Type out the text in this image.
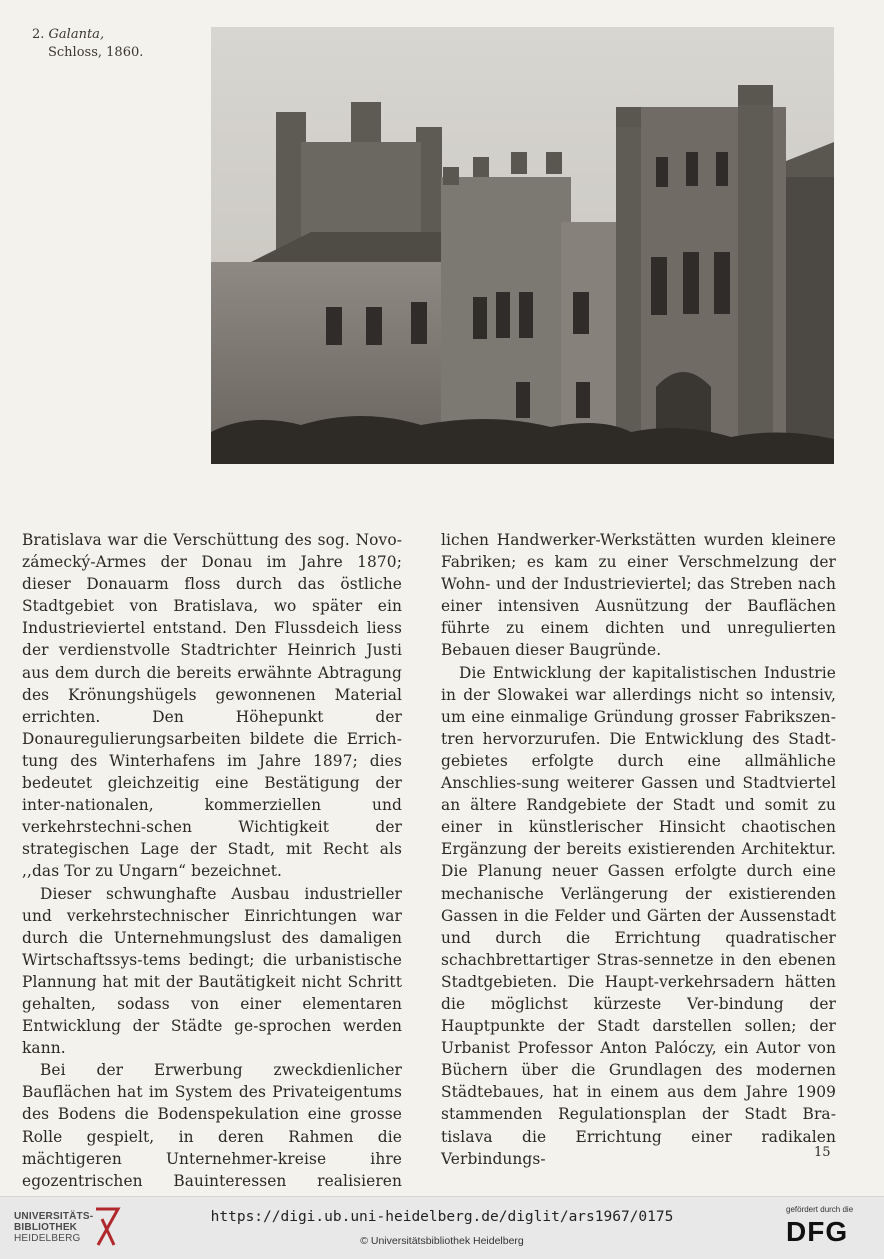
2. Galanta,
Schloss, 1860.

Bratislava war die Verschüttung des sog. Novo-zámecký-Armes der Donau im Jahre 1870; dieser Donauarm floss durch das östliche Stadtgebiet von Bratislava, wo später ein Industrieviertel entstand. Den Flussdeich liess der verdienstvolle Stadtrichter Heinrich Justi aus dem durch die bereits erwähnte Abtragung des Krönungshügels gewonnenen Material errichten. Den Höhepunkt der Donauregulierungsarbeiten bildete die Errich-tung des Winterhafens im Jahre 1897; dies bedeutet gleichzeitig eine Bestätigung der inter-nationalen, kommerziellen und verkehrstechni-schen Wichtigkeit der strategischen Lage der Stadt, mit Recht als ,,das Tor zu Ungarn“ bezeichnet.

Dieser schwunghafte Ausbau industrieller und verkehrstechnischer Einrichtungen war durch die Unternehmungslust des damaligen Wirtschaftssys-tems bedingt; die urbanistische Plannung hat mit der Bautätigkeit nicht Schritt gehalten, sodass von einer elementaren Entwicklung der Städte ge-sprochen werden kann.

Bei der Erwerbung zweckdienlicher Bauflächen hat im System des Privateigentums des Bodens die Bodenspekulation eine grosse Rolle gespielt, in deren Rahmen die mächtigeren Unternehmer-kreise ihre egozentrischen Bauinteressen realisieren

lichen Handwerker-Werkstätten wurden kleinere Fabriken; es kam zu einer Verschmelzung der Wohn- und der Industrieviertel; das Streben nach einer intensiven Ausnützung der Bauflächen führte zu einem dichten und unregulierten Bebauen dieser Baugründe.

Die Entwicklung der kapitalistischen Industrie in der Slowakei war allerdings nicht so intensiv, um eine einmalige Gründung grosser Fabrikszen-tren hervorzurufen. Die Entwicklung des Stadt-gebietes erfolgte durch eine allmähliche Anschlies-sung weiterer Gassen und Stadtviertel an ältere Randgebiete der Stadt und somit zu einer in künstlerischer Hinsicht chaotischen Ergänzung der bereits existierenden Architektur. Die Planung neuer Gassen erfolgte durch eine mechanische Verlängerung der existierenden Gassen in die Felder und Gärten der Aussenstadt und durch die Errichtung quadratischer schachbrettartiger Stras-sennetze in den ebenen Stadtgebieten. Die Haupt-verkehrsadern hätten die möglichst kürzeste Ver-bindung der Hauptpunkte der Stadt darstellen sollen; der Urbanist Professor Anton Palóczy, ein Autor von Büchern über die Grundlagen des modernen Städtebaues, hat in einem aus dem Jahre 1909 stammenden Regulationsplan der Stadt Bra-tislava die Errichtung einer radikalen Verbindungs-	15
UNIVERSITÄTS-
BIBLIOTHEK
HEIDELBERG
https://digi.ub.uni-heidelberg.de/diglit/ars1967/0175
© Universitätsbibliothek Heidelberg
gefördert durch die
DFG
